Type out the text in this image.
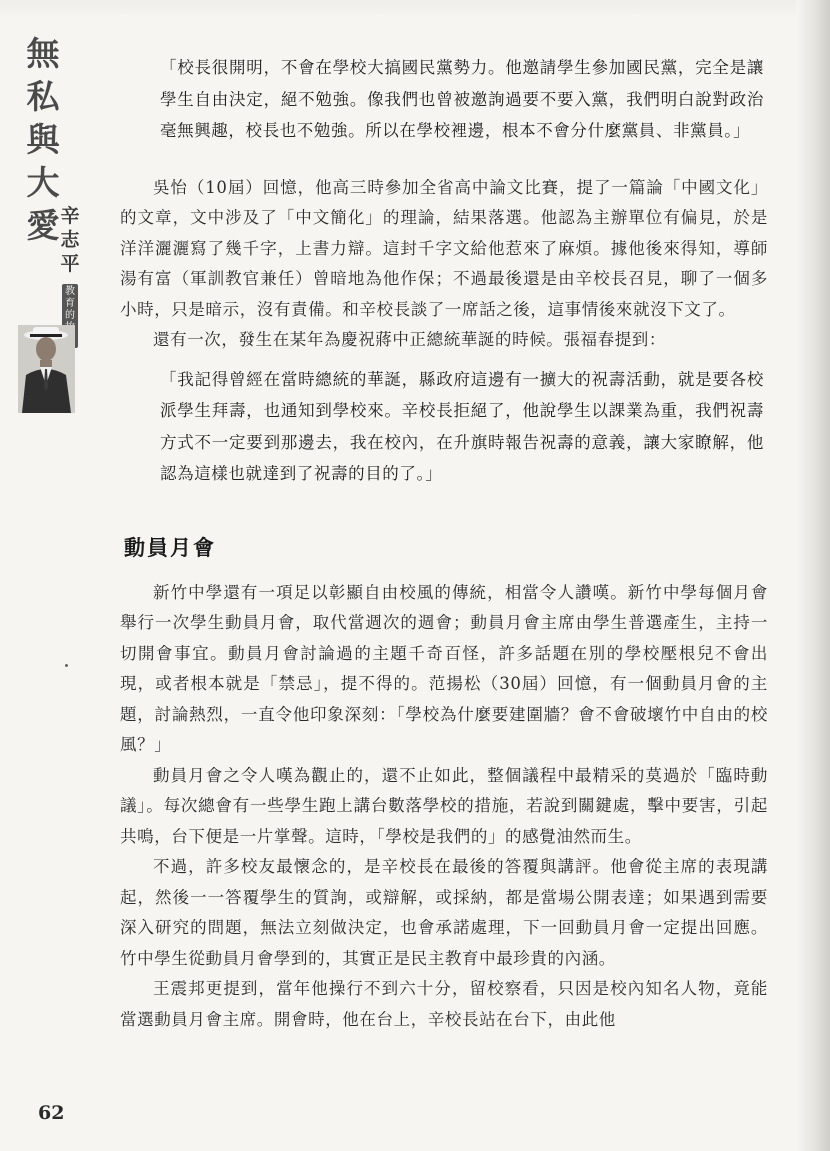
無
私
與
大
愛 辛
志
平
教育的

「校長很開明，不會在學校大搞國民黨勢力。他邀請學生參加國民黨，完全是讓學生自由決定，絕不勉強。像我們也曾被邀詢過要不要入黨，我們明白說對政治毫無興趣，校長也不勉強。所以在學校裡邊，根本不會分什麼黨員、非黨員。」

吳怡（10屆）回憶，他高三時參加全省高中論文比賽，提了一篇論「中國文化」的文章，文中涉及了「中文簡化」的理論，結果落選。他認為主辦單位有偏見，於是洋洋灑灑寫了幾千字，上書力辯。這封千字文給他惹來了麻煩。據他後來得知，導師湯有富（軍訓教官兼任）曾暗地為他作保；不過最後還是由辛校長召見，聊了一個多小時，只是暗示，沒有責備。和辛校長談了一席話之後，這事情後來就沒下文了。

還有一次，發生在某年為慶祝蔣中正總統華誕的時候。張福春提到：

「我記得曾經在當時總統的華誕，縣政府這邊有一擴大的祝壽活動，就是要各校派學生拜壽，也通知到學校來。辛校長拒絕了，他說學生以課業為重，我們祝壽方式不一定要到那邊去，我在校內，在升旗時報告祝壽的意義，讓大家瞭解，他認為這樣也就達到了祝壽的目的了。」

動員月會

新竹中學還有一項足以彰顯自由校風的傳統，相當令人讚嘆。新竹中學每個月會舉行一次學生動員月會，取代當週次的週會；動員月會主席由學生普選產生，主持一切開會事宜。動員月會討論過的主題千奇百怪，許多話題在別的學校壓根兒不會出現，或者根本就是「禁忌」，提不得的。范揚松（30屆）回憶，有一個動員月會的主題，討論熱烈，一直令他印象深刻：「學校為什麼要建圍牆？會不會破壞竹中自由的校風？」

動員月會之令人嘆為觀止的，還不止如此，整個議程中最精采的莫過於「臨時動議」。每次總會有一些學生跑上講台數落學校的措施，若說到關鍵處，擊中要害，引起共鳴，台下便是一片掌聲。這時，「學校是我們的」的感覺油然而生。

不過，許多校友最懷念的，是辛校長在最後的答覆與講評。他會從主席的表現講起，然後一一答覆學生的質詢，或辯解，或採納，都是當場公開表達；如果遇到需要深入研究的問題，無法立刻做決定，也會承諾處理，下一回動員月會一定提出回應。竹中學生從動員月會學到的，其實正是民主教育中最珍貴的內涵。

王震邦更提到，當年他操行不到六十分，留校察看，只因是校內知名人物，竟能當選動員月會主席。開會時，他在台上，辛校長站在台下，由此他

62
